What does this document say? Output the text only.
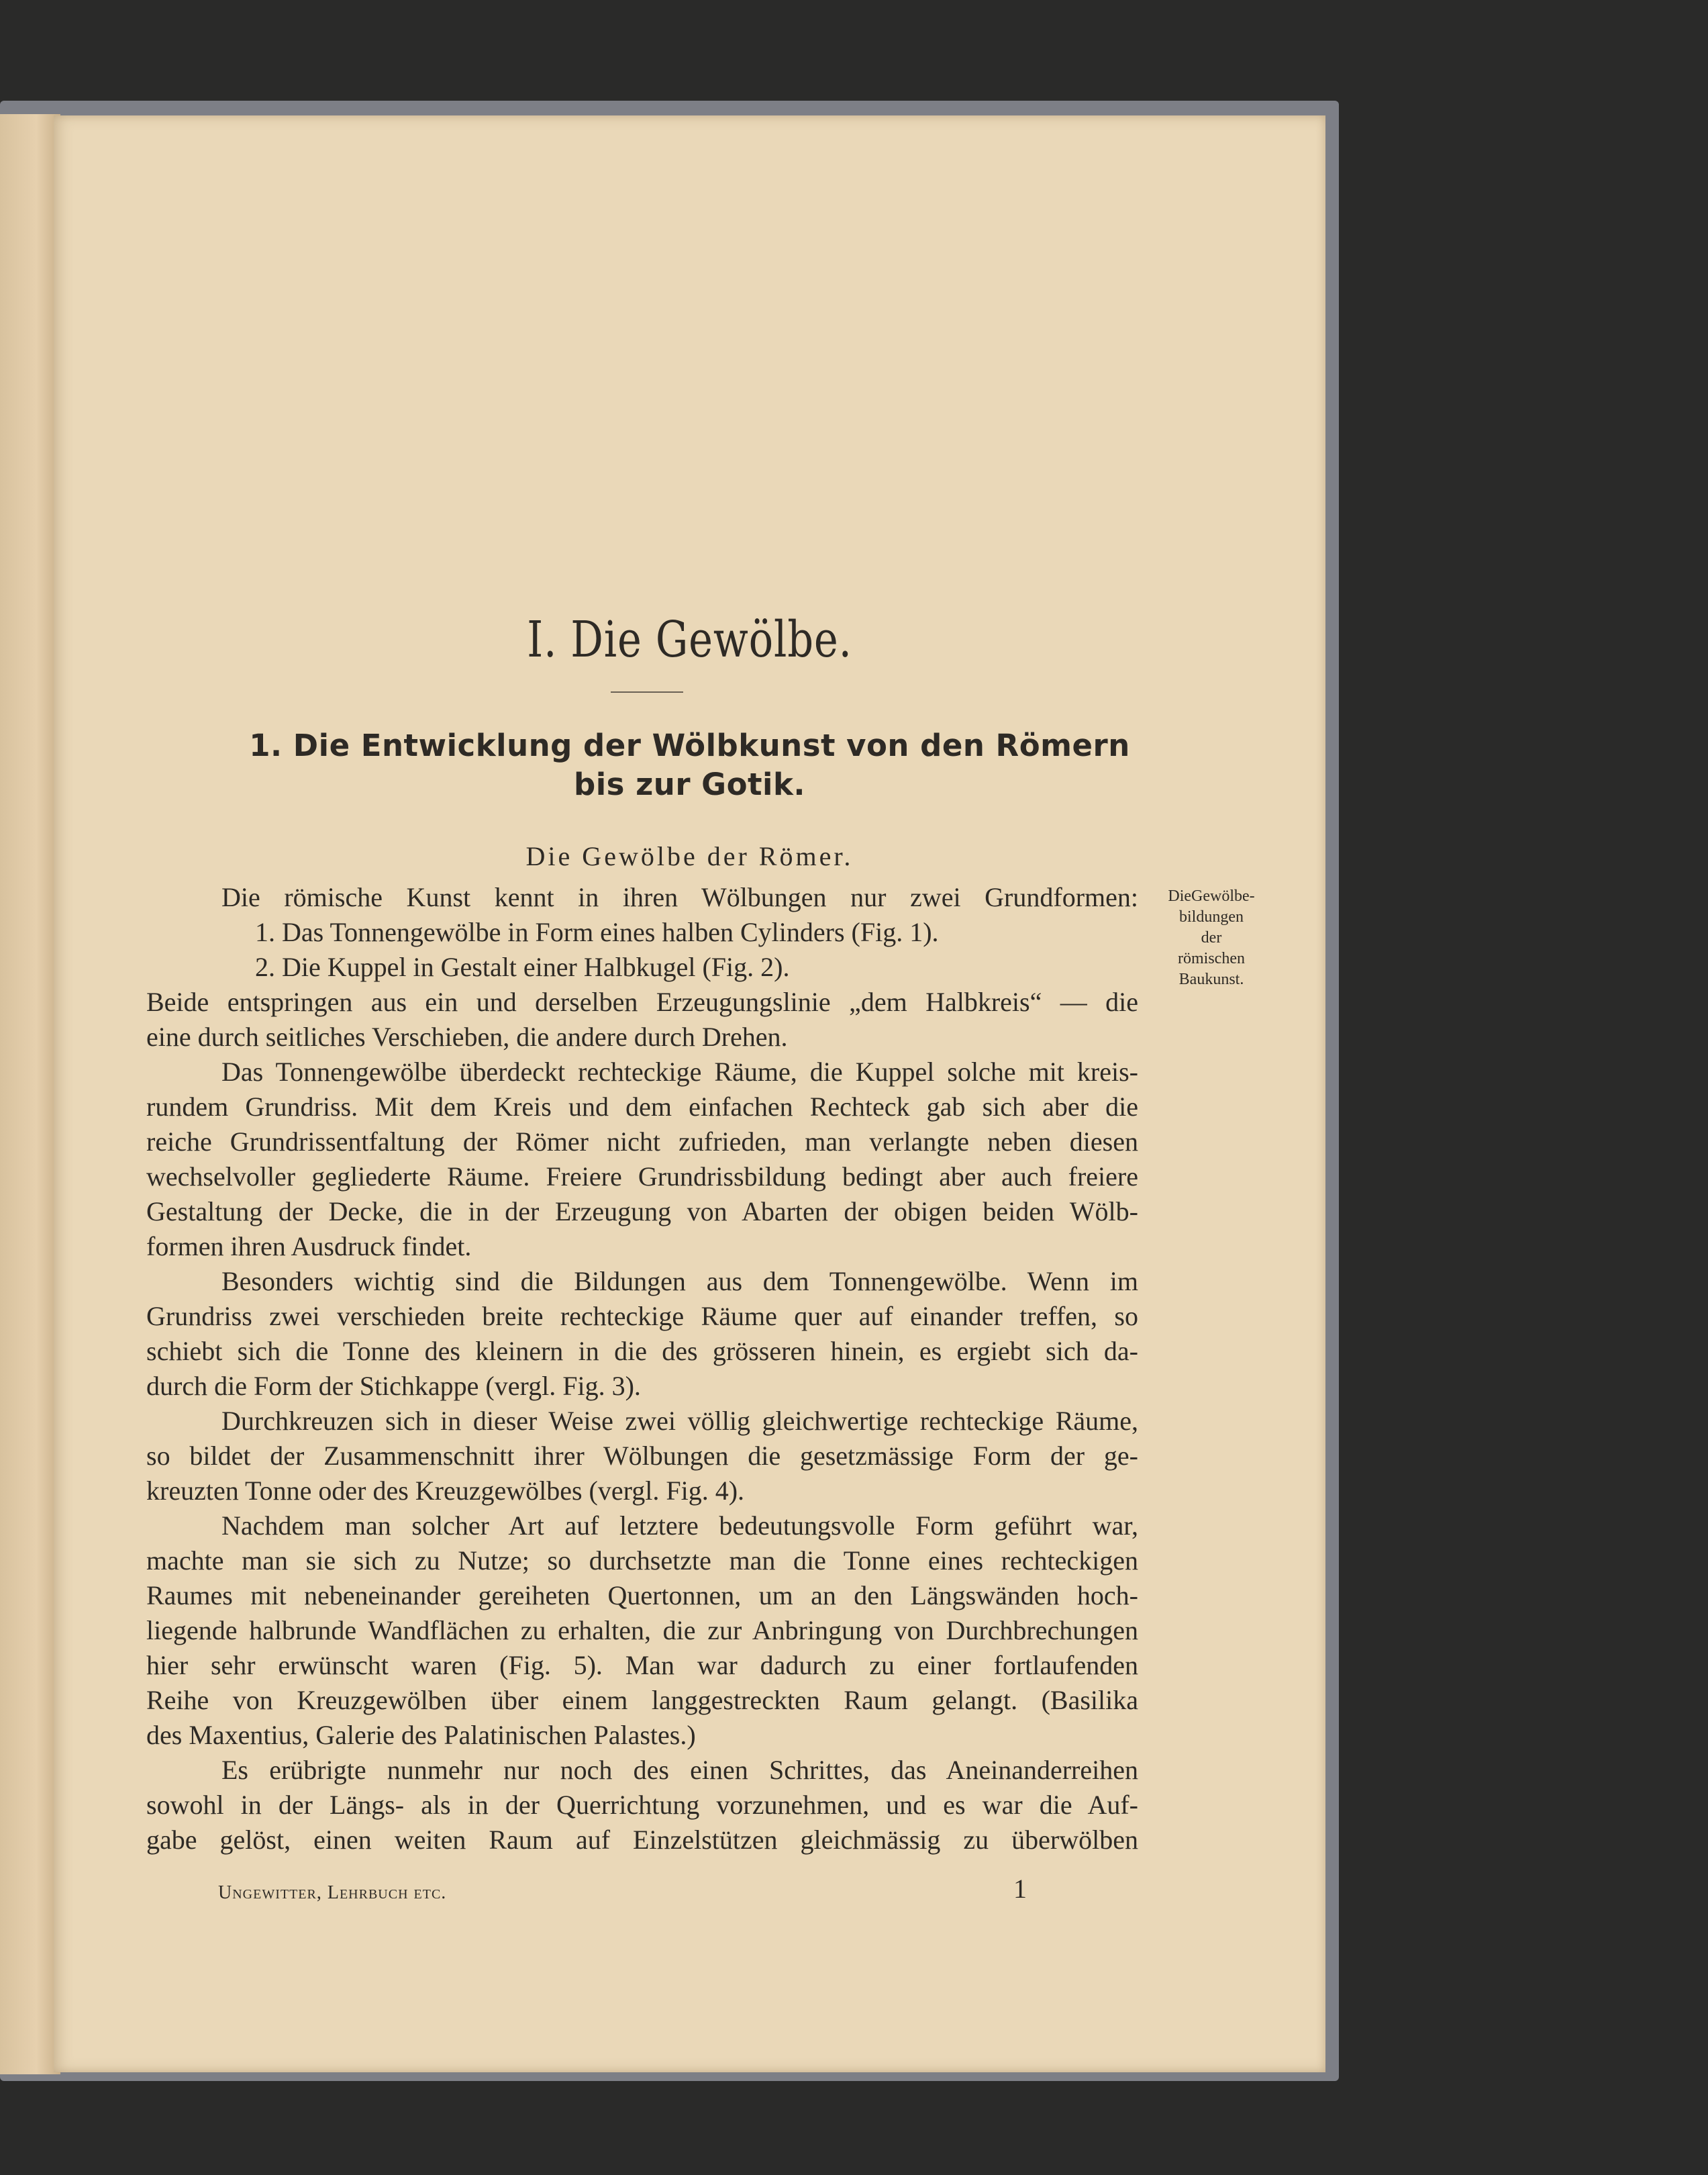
I. Die Gewölbe.
1. Die Entwicklung der Wölbkunst von den Römern
bis zur Gotik.
Die Gewölbe der Römer.
DieGewölbe-
bildungen
der
römischen
Baukunst.
Die römische Kunst kennt in ihren Wölbungen nur zwei Grundformen:
1. Das Tonnengewölbe in Form eines halben Cylinders (Fig. 1).
2. Die Kuppel in Gestalt einer Halbkugel (Fig. 2).
Beide entspringen aus ein und derselben Erzeugungslinie „dem Halbkreis“ — die
eine durch seitliches Verschieben, die andere durch Drehen.
Das Tonnengewölbe überdeckt rechteckige Räume, die Kuppel solche mit kreis-
rundem Grundriss. Mit dem Kreis und dem einfachen Rechteck gab sich aber die
reiche Grundrissentfaltung der Römer nicht zufrieden, man verlangte neben diesen
wechselvoller gegliederte Räume. Freiere Grundrissbildung bedingt aber auch freiere
Gestaltung der Decke, die in der Erzeugung von Abarten der obigen beiden Wölb-
formen ihren Ausdruck findet.
Besonders wichtig sind die Bildungen aus dem Tonnengewölbe. Wenn im
Grundriss zwei verschieden breite rechteckige Räume quer auf einander treffen, so
schiebt sich die Tonne des kleinern in die des grösseren hinein, es ergiebt sich da-
durch die Form der Stichkappe (vergl. Fig. 3).
Durchkreuzen sich in dieser Weise zwei völlig gleichwertige rechteckige Räume,
so bildet der Zusammenschnitt ihrer Wölbungen die gesetzmässige Form der ge-
kreuzten Tonne oder des Kreuzgewölbes (vergl. Fig. 4).
Nachdem man solcher Art auf letztere bedeutungsvolle Form geführt war,
machte man sie sich zu Nutze; so durchsetzte man die Tonne eines rechteckigen
Raumes mit nebeneinander gereiheten Quertonnen, um an den Längswänden hoch-
liegende halbrunde Wandflächen zu erhalten, die zur Anbringung von Durchbrechungen
hier sehr erwünscht waren (Fig. 5). Man war dadurch zu einer fortlaufenden
Reihe von Kreuzgewölben über einem langgestreckten Raum gelangt. (Basilika
des Maxentius, Galerie des Palatinischen Palastes.)
Es erübrigte nunmehr nur noch des einen Schrittes, das Aneinanderreihen
sowohl in der Längs- als in der Querrichtung vorzunehmen, und es war die Auf-
gabe gelöst, einen weiten Raum auf Einzelstützen gleichmässig zu überwölben
Ungewitter, Lehrbuch etc.	1
